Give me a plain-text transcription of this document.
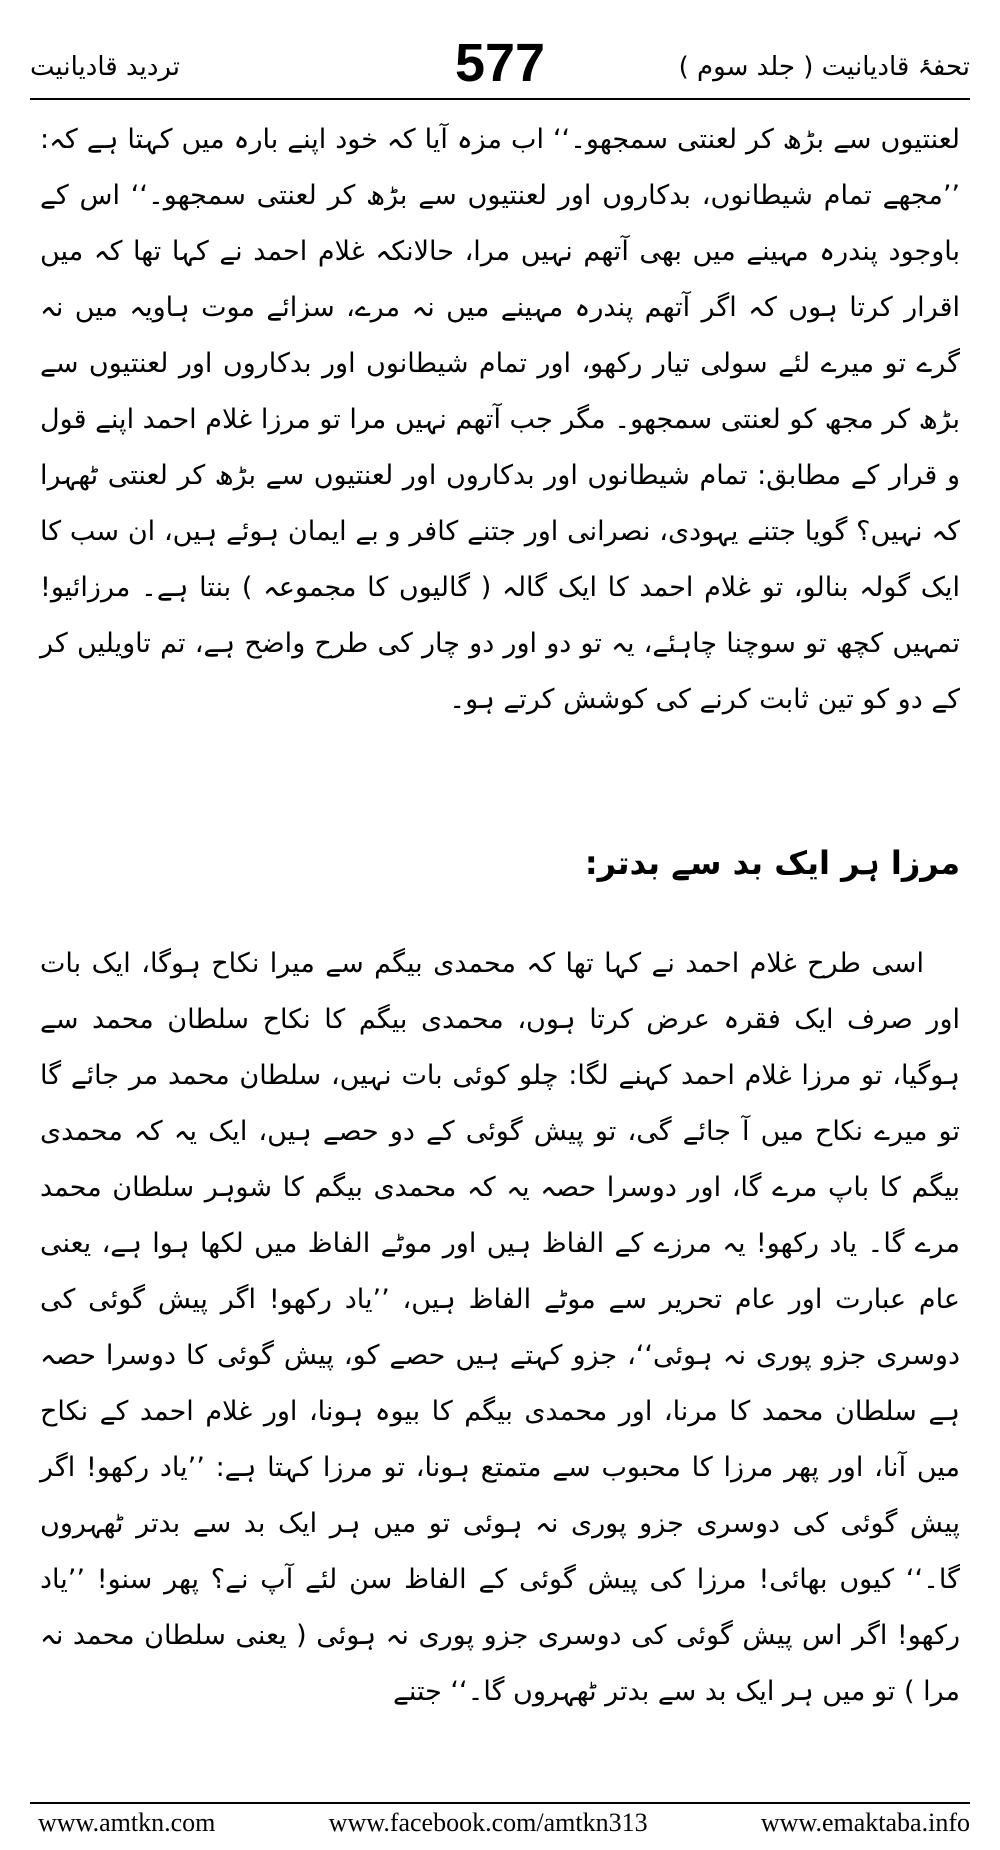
تردید قادیانیت	577	تحفۂ قادیانیت ( جلد سوم )

لعنتیوں سے بڑھ کر لعنتی سمجھو۔‘‘ اب مزہ آیا کہ خود اپنے بارہ میں کہتا ہے کہ: ’’مجھے تمام شیطانوں، بدکاروں اور لعنتیوں سے بڑھ کر لعنتی سمجھو۔‘‘ اس کے باوجود پندرہ مہینے میں بھی آتھم نہیں مرا، حالانکہ غلام احمد نے کہا تھا کہ میں اقرار کرتا ہوں کہ اگر آتھم پندرہ مہینے میں نہ مرے، سزائے موت ہاویہ میں نہ گرے تو میرے لئے سولی تیار رکھو، اور تمام شیطانوں اور بدکاروں اور لعنتیوں سے بڑھ کر مجھ کو لعنتی سمجھو۔ مگر جب آتھم نہیں مرا تو مرزا غلام احمد اپنے قول و قرار کے مطابق: تمام شیطانوں اور بدکاروں اور لعنتیوں سے بڑھ کر لعنتی ٹھہرا کہ نہیں؟ گویا جتنے یہودی، نصرانی اور جتنے کافر و بے ایمان ہوئے ہیں، ان سب کا ایک گولہ بنالو، تو غلام احمد کا ایک گالہ ( گالیوں کا مجموعہ ) بنتا ہے۔ مرزائیو! تمہیں کچھ تو سوچنا چاہئے، یہ تو دو اور دو چار کی طرح واضح ہے، تم تاویلیں کر کے دو کو تین ثابت کرنے کی کوشش کرتے ہو۔

مرزا ہر ایک بد سے بدتر:
اسی طرح غلام احمد نے کہا تھا کہ محمدی بیگم سے میرا نکاح ہوگا، ایک بات اور صرف ایک فقرہ عرض کرتا ہوں، محمدی بیگم کا نکاح سلطان محمد سے ہوگیا، تو مرزا غلام احمد کہنے لگا: چلو کوئی بات نہیں، سلطان محمد مر جائے گا تو میرے نکاح میں آ جائے گی، تو پیش گوئی کے دو حصے ہیں، ایک یہ کہ محمدی بیگم کا باپ مرے گا، اور دوسرا حصہ یہ کہ محمدی بیگم کا شوہر سلطان محمد مرے گا۔ یاد رکھو! یہ مرزے کے الفاظ ہیں اور موٹے الفاظ میں لکھا ہوا ہے، یعنی عام عبارت اور عام تحریر سے موٹے الفاظ ہیں، ’’یاد رکھو! اگر پیش گوئی کی دوسری جزو پوری نہ ہوئی‘‘، جزو کہتے ہیں حصے کو، پیش گوئی کا دوسرا حصہ ہے سلطان محمد کا مرنا، اور محمدی بیگم کا بیوہ ہونا، اور غلام احمد کے نکاح میں آنا، اور پھر مرزا کا محبوب سے متمتع ہونا، تو مرزا کہتا ہے: ’’یاد رکھو! اگر پیش گوئی کی دوسری جزو پوری نہ ہوئی تو میں ہر ایک بد سے بدتر ٹھہروں گا۔‘‘ کیوں بھائی! مرزا کی پیش گوئی کے الفاظ سن لئے آپ نے؟ پھر سنو! ’’یاد رکھو! اگر اس پیش گوئی کی دوسری جزو پوری نہ ہوئی ( یعنی سلطان محمد نہ مرا ) تو میں ہر ایک بد سے بدتر ٹھہروں گا۔‘‘ جتنے
www.amtkn.com	www.facebook.com/amtkn313	www.emaktaba.info
